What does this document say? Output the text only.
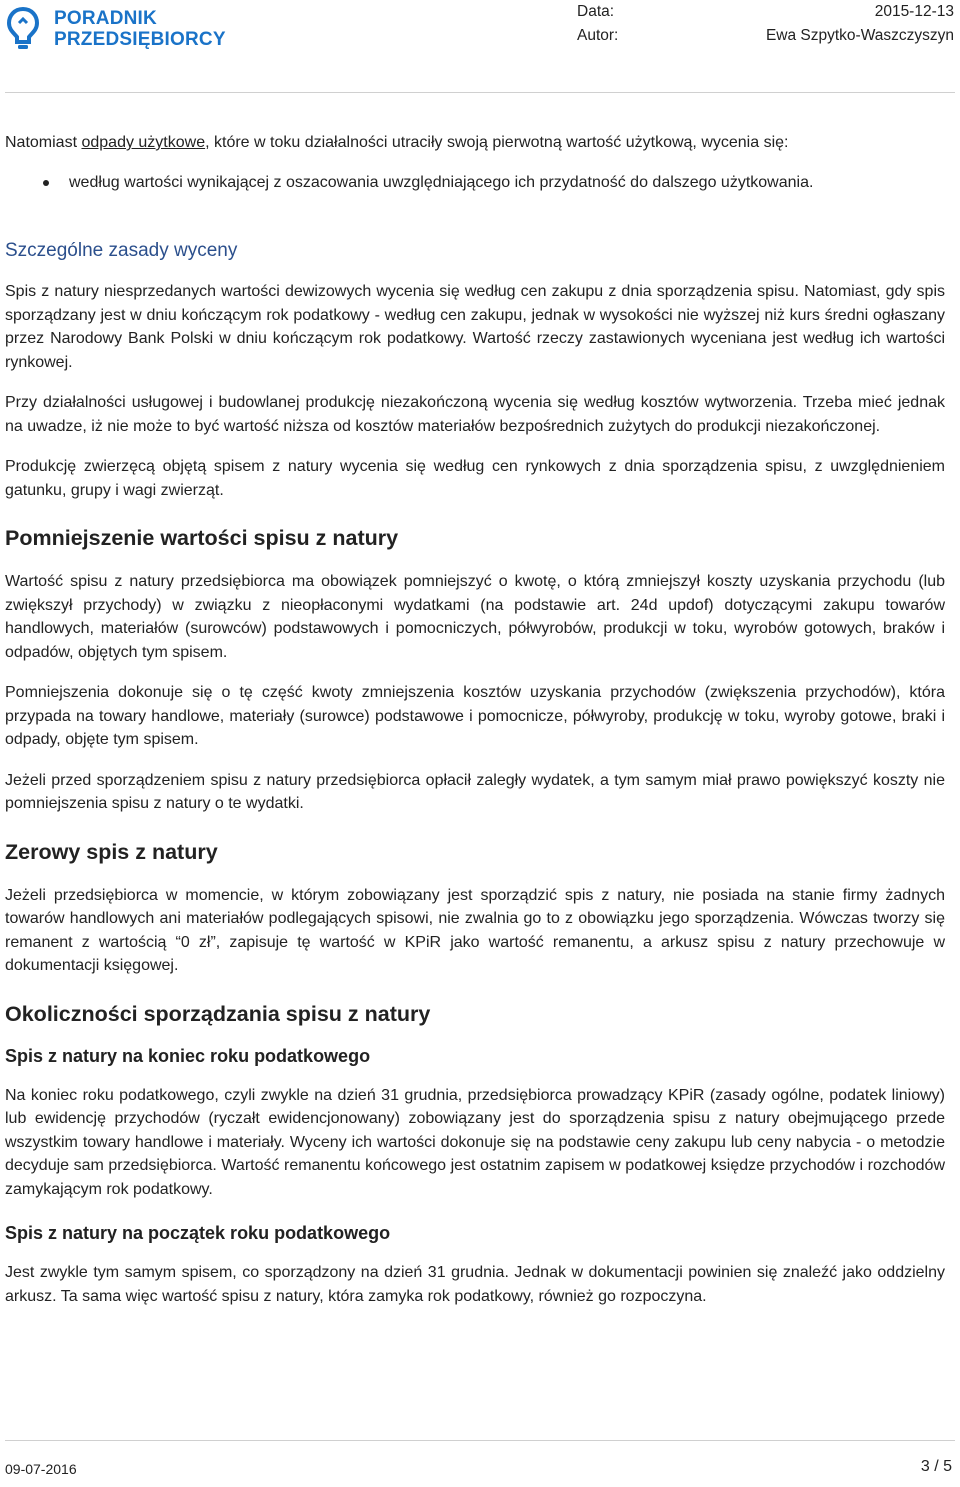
PORADNIK
PRZEDSIĘBIORCY
Data:	2015-12-13
Autor:	Ewa Szpytko-Waszczyszyn

Natomiast odpady użytkowe, które w toku działalności utraciły swoją pierwotną wartość użytkową, wycenia się:

według wartości wynikającej z oszacowania uwzględniającego ich przydatność do dalszego użytkowania.
Szczególne zasady wyceny

Spis z natury niesprzedanych wartości dewizowych wycenia się według cen zakupu z dnia sporządzenia spisu. Natomiast, gdy spis sporządzany jest w dniu kończącym rok podatkowy - według cen zakupu, jednak w wysokości nie wyższej niż kurs średni ogłaszany przez Narodowy Bank Polski w dniu kończącym rok podatkowy. Wartość rzeczy zastawionych wyceniana jest według ich wartości rynkowej.

Przy działalności usługowej i budowlanej produkcję niezakończoną wycenia się według kosztów wytworzenia. Trzeba mieć jednak na uwadze, iż nie może to być wartość niższa od kosztów materiałów bezpośrednich zużytych do produkcji niezakończonej.

Produkcję zwierzęcą objętą spisem z natury wycenia się według cen rynkowych z dnia sporządzenia spisu, z uwzględnieniem gatunku, grupy i wagi zwierząt.

Pomniejszenie wartości spisu z natury

Wartość spisu z natury przedsiębiorca ma obowiązek pomniejszyć o kwotę, o którą zmniejszył koszty uzyskania przychodu (lub zwiększył przychody) w związku z nieopłaconymi wydatkami (na podstawie art. 24d updof) dotyczącymi zakupu towarów handlowych, materiałów (surowców) podstawowych i pomocniczych, półwyrobów, produkcji w toku, wyrobów gotowych, braków i odpadów, objętych tym spisem.

Pomniejszenia dokonuje się o tę część kwoty zmniejszenia kosztów uzyskania przychodów (zwiększenia przychodów), która przypada na towary handlowe, materiały (surowce) podstawowe i pomocnicze, półwyroby, produkcję w toku, wyroby gotowe, braki i odpady, objęte tym spisem.

Jeżeli przed sporządzeniem spisu z natury przedsiębiorca opłacił zaległy wydatek, a tym samym miał prawo powiększyć koszty nie pomniejszenia spisu z natury o te wydatki.

Zerowy spis z natury

Jeżeli przedsiębiorca w momencie, w którym zobowiązany jest sporządzić spis z natury, nie posiada na stanie firmy żadnych towarów handlowych ani materiałów podlegających spisowi, nie zwalnia go to z obowiązku jego sporządzenia. Wówczas tworzy się remanent z wartością “0 zł”, zapisuje tę wartość w KPiR jako wartość remanentu, a arkusz spisu z natury przechowuje w dokumentacji księgowej.

Okoliczności sporządzania spisu z natury
Spis z natury na koniec roku podatkowego

Na koniec roku podatkowego, czyli zwykle na dzień 31 grudnia, przedsiębiorca prowadzący KPiR (zasady ogólne, podatek liniowy) lub ewidencję przychodów (ryczałt ewidencjonowany) zobowiązany jest do sporządzenia spisu z natury obejmującego przede wszystkim towary handlowe i materiały. Wyceny ich wartości dokonuje się na podstawie ceny zakupu lub ceny nabycia - o metodzie decyduje sam przedsiębiorca. Wartość remanentu końcowego jest ostatnim zapisem w podatkowej księdze przychodów i rozchodów zamykającym rok podatkowy.

Spis z natury na początek roku podatkowego

Jest zwykle tym samym spisem, co sporządzony na dzień 31 grudnia. Jednak w dokumentacji powinien się znaleźć jako oddzielny arkusz. Ta sama więc wartość spisu z natury, która zamyka rok podatkowy, również go rozpoczyna.

09-07-2016	3 / 5
